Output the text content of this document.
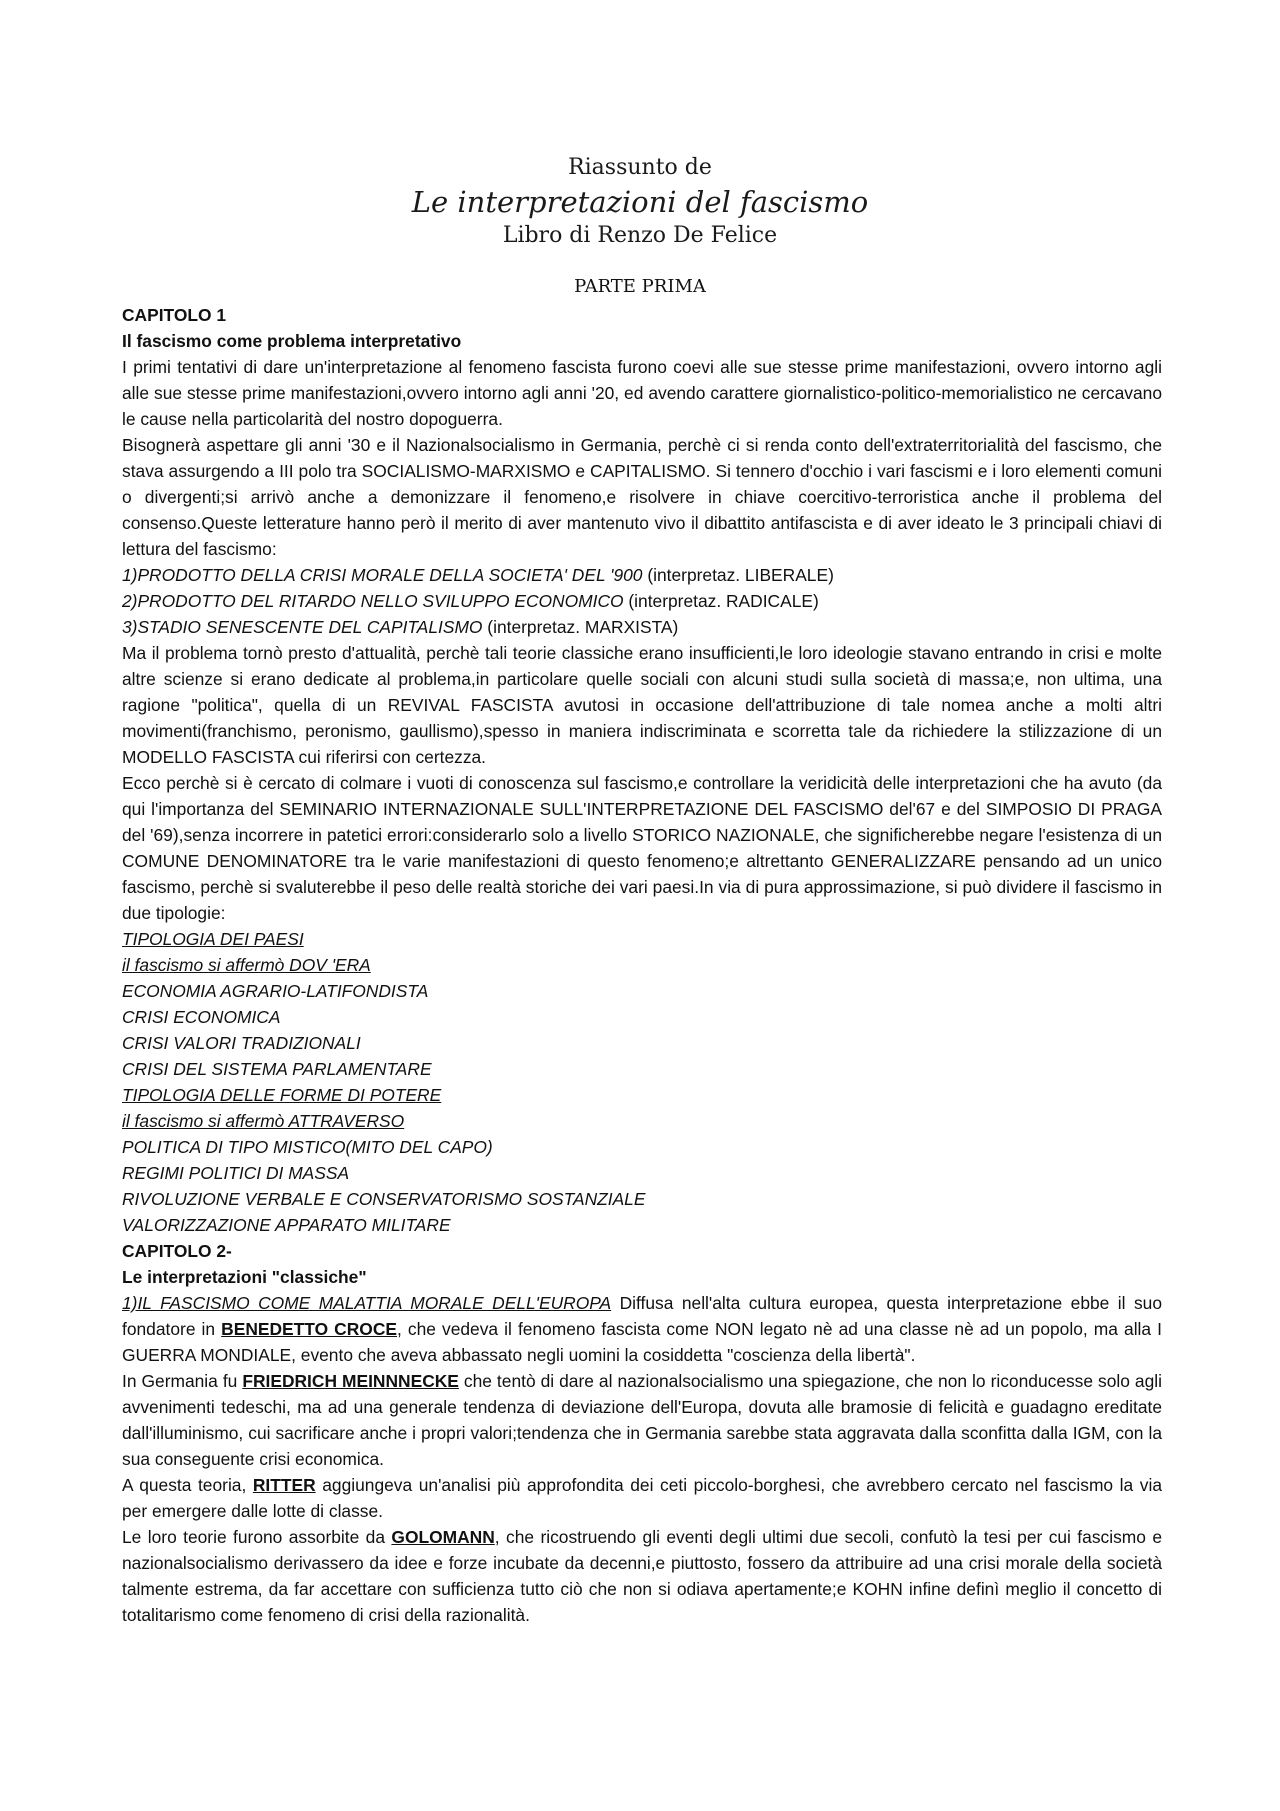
Riassunto de
Le interpretazioni del fascismo
Libro di Renzo De Felice
PARTE PRIMA

CAPITOLO 1

Il fascismo come problema interpretativo

I primi tentativi di dare un'interpretazione al fenomeno fascista furono coevi alle sue stesse prime manifestazioni, ovvero intorno agli alle sue stesse prime manifestazioni,ovvero intorno agli anni '20, ed avendo carattere giornalistico-politico-memorialistico ne cercavano le cause nella particolarità del nostro dopoguerra.

Bisognerà aspettare gli anni '30 e il Nazionalsocialismo in Germania, perchè ci si renda conto dell'extraterritorialità del fascismo, che stava assurgendo a III polo tra SOCIALISMO-MARXISMO e CAPITALISMO. Si tennero d'occhio i vari fascismi e i loro elementi comuni o divergenti;si arrivò anche a demonizzare il fenomeno,e risolvere in chiave coercitivo-terroristica anche il problema del consenso.Queste letterature hanno però il merito di aver mantenuto vivo il dibattito antifascista e di aver ideato le 3 principali chiavi di lettura del fascismo:

1)PRODOTTO DELLA CRISI MORALE DELLA SOCIETA' DEL '900 (interpretaz. LIBERALE)

2)PRODOTTO DEL RITARDO NELLO SVILUPPO ECONOMICO (interpretaz. RADICALE)

3)STADIO SENESCENTE DEL CAPITALISMO (interpretaz. MARXISTA)

Ma il problema tornò presto d'attualità, perchè tali teorie classiche erano insufficienti,le loro ideologie stavano entrando in crisi e molte altre scienze si erano dedicate al problema,in particolare quelle sociali con alcuni studi sulla società di massa;e, non ultima, una ragione "politica", quella di un REVIVAL FASCISTA avutosi in occasione dell'attribuzione di tale nomea anche a molti altri movimenti(franchismo, peronismo, gaullismo),spesso in maniera indiscriminata e scorretta tale da richiedere la stilizzazione di un MODELLO FASCISTA cui riferirsi con certezza.

Ecco perchè si è cercato di colmare i vuoti di conoscenza sul fascismo,e controllare la veridicità delle interpretazioni che ha avuto (da qui l'importanza del SEMINARIO INTERNAZIONALE SULL'INTERPRETAZIONE DEL FASCISMO del'67 e del SIMPOSIO DI PRAGA del '69),senza incorrere in patetici errori:considerarlo solo a livello STORICO NAZIONALE, che significherebbe negare l'esistenza di un COMUNE DENOMINATORE tra le varie manifestazioni di questo fenomeno;e altrettanto GENERALIZZARE pensando ad un unico fascismo, perchè si svaluterebbe il peso delle realtà storiche dei vari paesi.In via di pura approssimazione, si può dividere il fascismo in due tipologie:

TIPOLOGIA DEI PAESI

il fascismo si affermò DOV 'ERA

ECONOMIA AGRARIO-LATIFONDISTA

CRISI ECONOMICA

CRISI VALORI TRADIZIONALI

CRISI DEL SISTEMA PARLAMENTARE

TIPOLOGIA DELLE FORME DI POTERE

il fascismo si affermò ATTRAVERSO

POLITICA DI TIPO MISTICO(MITO DEL CAPO)

REGIMI POLITICI DI MASSA

RIVOLUZIONE VERBALE E CONSERVATORISMO SOSTANZIALE

VALORIZZAZIONE APPARATO MILITARE

CAPITOLO 2-

Le interpretazioni "classiche"

1)IL FASCISMO COME MALATTIA MORALE DELL'EUROPA Diffusa nell'alta cultura europea, questa interpretazione ebbe il suo fondatore in BENEDETTO CROCE, che vedeva il fenomeno fascista come NON legato nè ad una classe nè ad un popolo, ma alla I GUERRA MONDIALE, evento che aveva abbassato negli uomini la cosiddetta "coscienza della libertà".

In Germania fu FRIEDRICH MEINNNECKE che tentò di dare al nazionalsocialismo una spiegazione, che non lo riconducesse solo agli avvenimenti tedeschi, ma ad una generale tendenza di deviazione dell'Europa, dovuta alle bramosie di felicità e guadagno ereditate dall'illuminismo, cui sacrificare anche i propri valori;tendenza che in Germania sarebbe stata aggravata dalla sconfitta dalla IGM, con la sua conseguente crisi economica.

A questa teoria, RITTER aggiungeva un'analisi più approfondita dei ceti piccolo-borghesi, che avrebbero cercato nel fascismo la via per emergere dalle lotte di classe.

Le loro teorie furono assorbite da GOLOMANN, che ricostruendo gli eventi degli ultimi due secoli, confutò la tesi per cui fascismo e nazionalsocialismo derivassero da idee e forze incubate da decenni,e piuttosto, fossero da attribuire ad una crisi morale della società talmente estrema, da far accettare con sufficienza tutto ciò che non si odiava apertamente;e KOHN infine definì meglio il concetto di totalitarismo come fenomeno di crisi della razionalità.
